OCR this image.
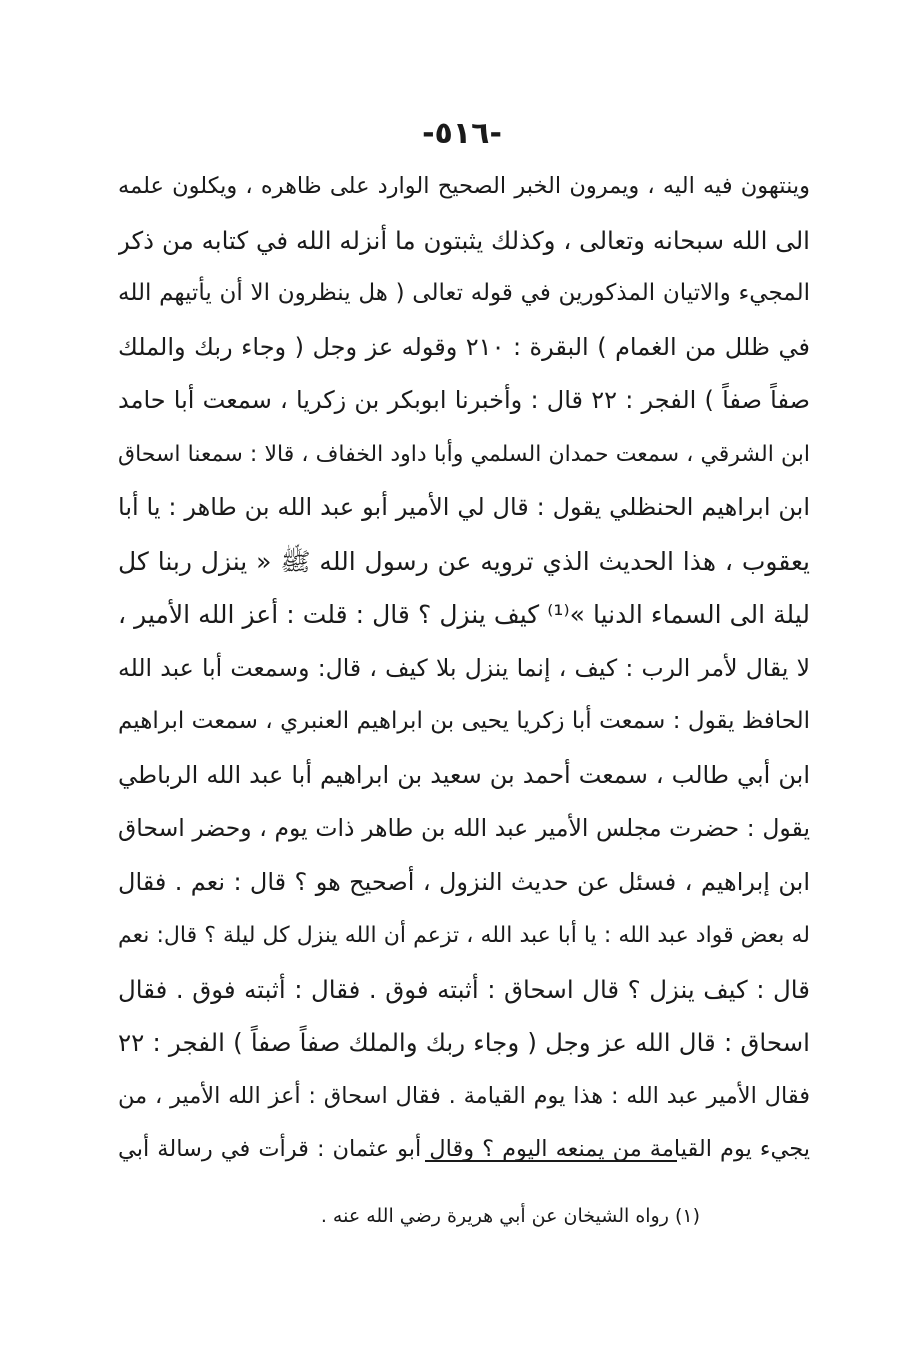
-٥١٦-
وينتهون فيه اليه ، ويمرون الخبر الصحيح الوارد على ظاهره ، ويكلون علمه
الى الله سبحانه وتعالى ، وكذلك يثبتون ما أنزله الله في كتابه من ذكر
المجيء والاتيان المذكورين في قوله تعالى ( هل ينظرون الا أن يأتيهم الله
في ظلل من الغمام ) البقرة : ٢١٠ وقوله عز وجل ( وجاء ربك والملك
صفاً صفاً ) الفجر : ٢٢ قال : وأخبرنا ابوبكر بن زكريا ، سمعت أبا حامد
ابن الشرقي ، سمعت حمدان السلمي وأبا داود الخفاف ، قالا : سمعنا اسحاق
ابن ابراهيم الحنظلي يقول : قال لي الأمير أبو عبد الله بن طاهر : يا أبا
يعقوب ، هذا الحديث الذي ترويه عن رسول الله ﷺ « ينزل ربنا كل
ليلة الى السماء الدنيا »⁽¹⁾ كيف ينزل ؟ قال : قلت : أعز الله الأمير ،
لا يقال لأمر الرب : كيف ، إنما ينزل بلا كيف ، قال: وسمعت أبا عبد الله
الحافظ يقول : سمعت أبا زكريا يحيى بن ابراهيم العنبري ، سمعت ابراهيم
ابن أبي طالب ، سمعت أحمد بن سعيد بن ابراهيم أبا عبد الله الرباطي
يقول : حضرت مجلس الأمير عبد الله بن طاهر ذات يوم ، وحضر اسحاق
ابن إبراهيم ، فسئل عن حديث النزول ، أصحيح هو ؟ قال : نعم . فقال
له بعض قواد عبد الله : يا أبا عبد الله ، تزعم أن الله ينزل كل ليلة ؟ قال: نعم
قال : كيف ينزل ؟ قال اسحاق : أثبته فوق . فقال : أثبته فوق . فقال
اسحاق : قال الله عز وجل ( وجاء ربك والملك صفاً صفاً ) الفجر : ٢٢
فقال الأمير عبد الله : هذا يوم القيامة . فقال اسحاق : أعز الله الأمير ، من
يجيء يوم القيامة من يمنعه اليوم ؟ وقال أبو عثمان : قرأت في رسالة أبي
(١) رواه الشيخان عن أبي هريرة رضي الله عنه .
